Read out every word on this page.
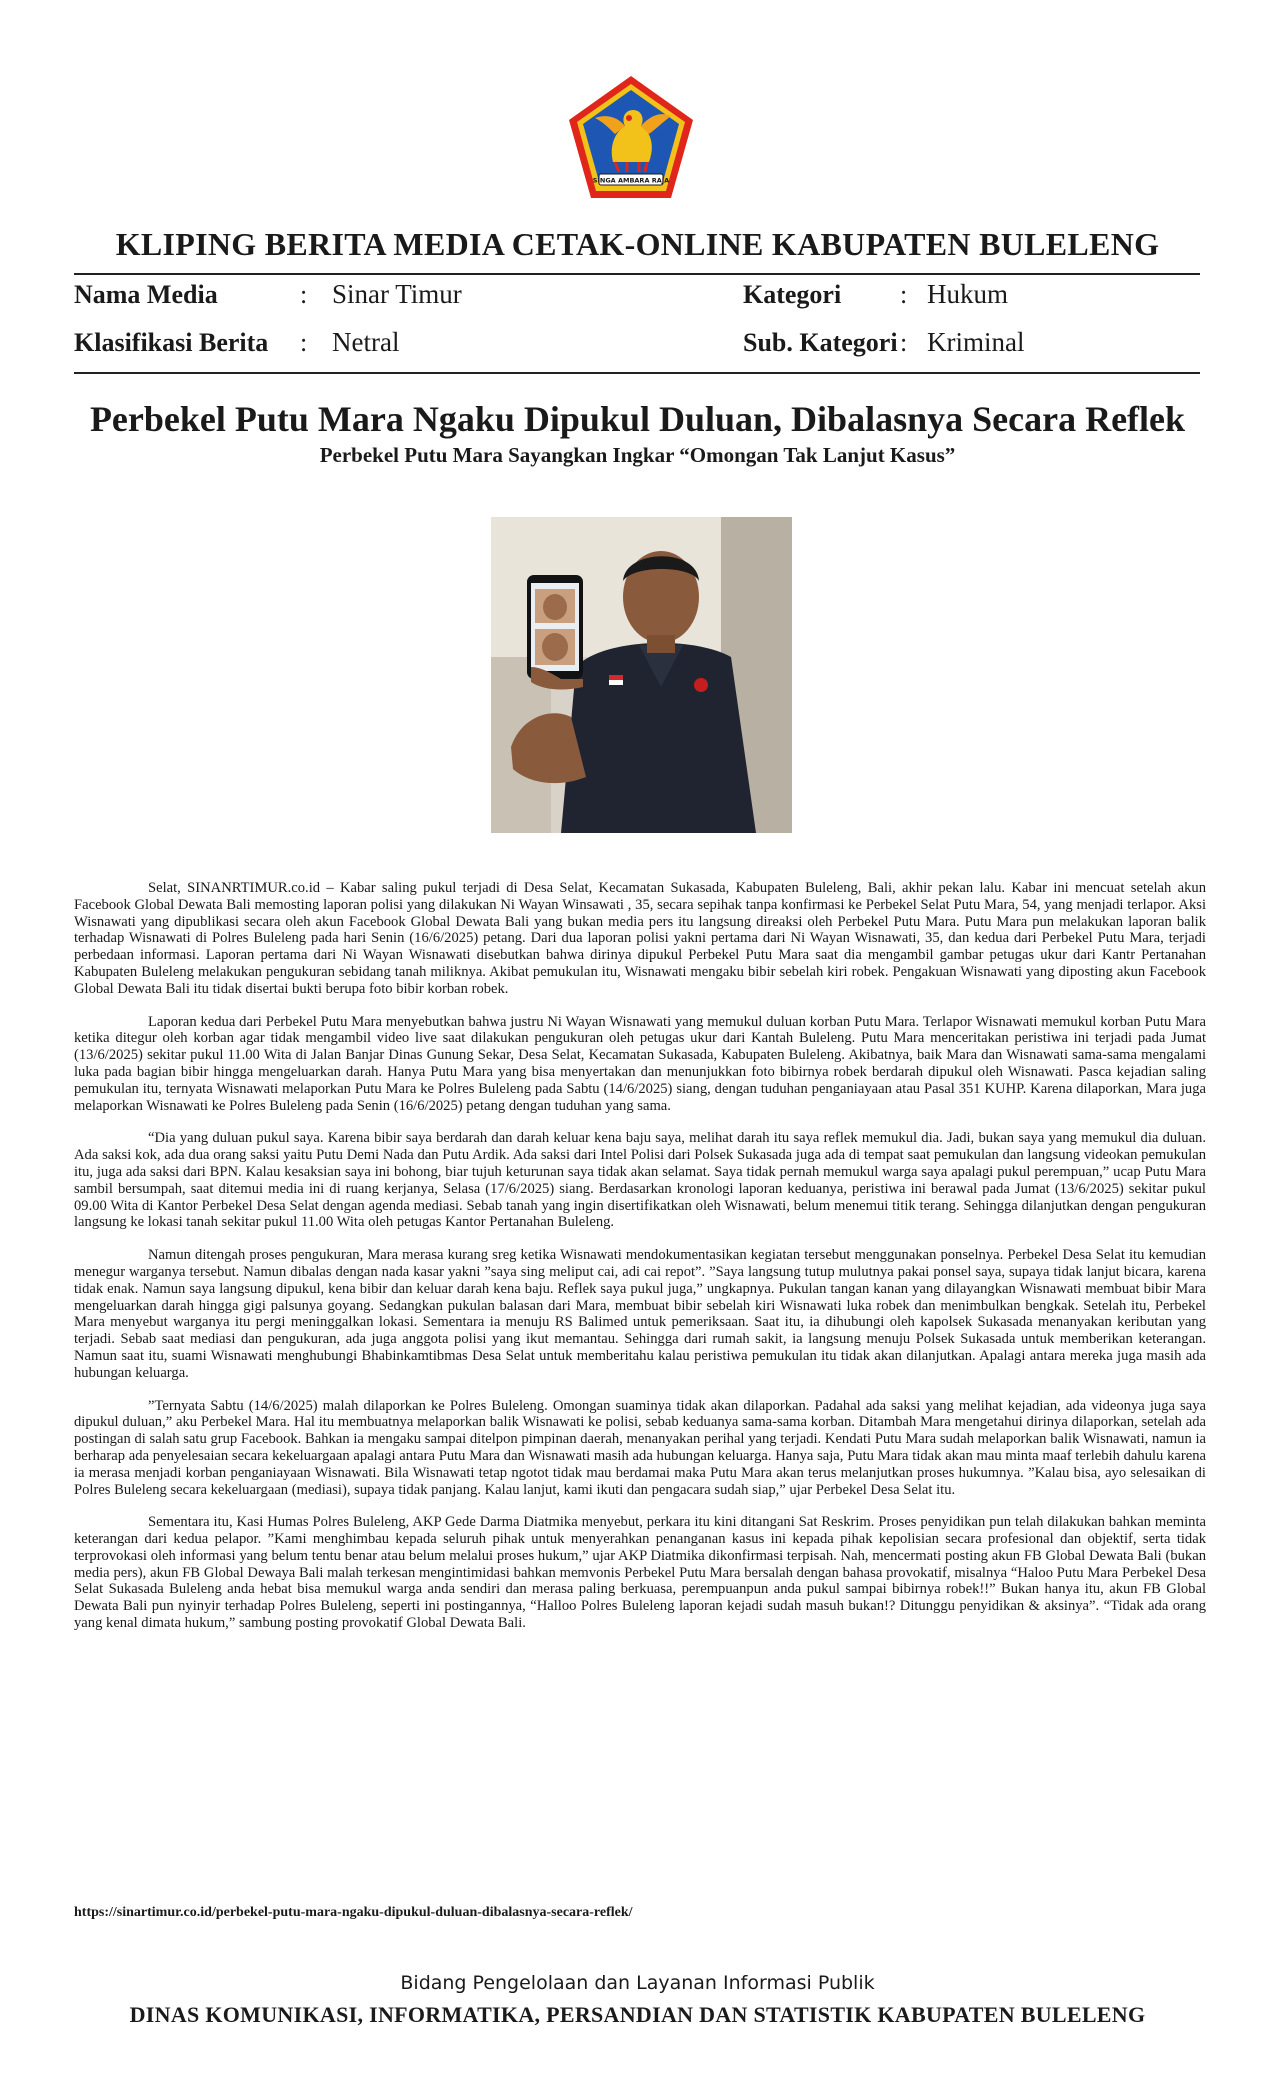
SINGA AMBARA RAJA
KLIPING BERITA MEDIA CETAK-ONLINE KABUPATEN BULELENG
Nama Media	: Sinar Timur	Kategori : Hukum
Klasifikasi Berita : Netral	Sub. Kategori : Kriminal
Perbekel Putu Mara Ngaku Dipukul Duluan, Dibalasnya Secara Reflek
Perbekel Putu Mara Sayangkan Ingkar “Omongan Tak Lanjut Kasus”

Selat, SINANRTIMUR.co.id – Kabar saling pukul terjadi di Desa Selat, Kecamatan Sukasada, Kabupaten Buleleng, Bali, akhir pekan lalu. Kabar ini mencuat setelah akun Facebook Global Dewata Bali memosting laporan polisi yang dilakukan Ni Wayan Winsawati , 35, secara sepihak tanpa konfirmasi ke Perbekel Selat Putu Mara, 54, yang menjadi terlapor. Aksi Wisnawati yang dipublikasi secara oleh akun Facebook Global Dewata Bali yang bukan media pers itu langsung direaksi oleh Perbekel Putu Mara. Putu Mara pun melakukan laporan balik terhadap Wisnawati di Polres Buleleng pada hari Senin (16/6/2025) petang. Dari dua laporan polisi yakni pertama dari Ni Wayan Wisnawati, 35, dan kedua dari Perbekel Putu Mara, terjadi perbedaan informasi. Laporan pertama dari Ni Wayan Wisnawati disebutkan bahwa dirinya dipukul Perbekel Putu Mara saat dia mengambil gambar petugas ukur dari Kantr Pertanahan Kabupaten Buleleng melakukan pengukuran sebidang tanah miliknya. Akibat pemukulan itu, Wisnawati mengaku bibir sebelah kiri robek. Pengakuan Wisnawati yang diposting akun Facebook Global Dewata Bali itu tidak disertai bukti berupa foto bibir korban robek.

Laporan kedua dari Perbekel Putu Mara menyebutkan bahwa justru Ni Wayan Wisnawati yang memukul duluan korban Putu Mara. Terlapor Wisnawati memukul korban Putu Mara ketika ditegur oleh korban agar tidak mengambil video live saat dilakukan pengukuran oleh petugas ukur dari Kantah Buleleng. Putu Mara menceritakan peristiwa ini terjadi pada Jumat (13/6/2025) sekitar pukul 11.00 Wita di Jalan Banjar Dinas Gunung Sekar, Desa Selat, Kecamatan Sukasada, Kabupaten Buleleng. Akibatnya, baik Mara dan Wisnawati sama-sama mengalami luka pada bagian bibir hingga mengeluarkan darah. Hanya Putu Mara yang bisa menyertakan dan menunjukkan foto bibirnya robek berdarah dipukul oleh Wisnawati. Pasca kejadian saling pemukulan itu, ternyata Wisnawati melaporkan Putu Mara ke Polres Buleleng pada Sabtu (14/6/2025) siang, dengan tuduhan penganiayaan atau Pasal 351 KUHP. Karena dilaporkan, Mara juga melaporkan Wisnawati ke Polres Buleleng pada Senin (16/6/2025) petang dengan tuduhan yang sama.

“Dia yang duluan pukul saya. Karena bibir saya berdarah dan darah keluar kena baju saya, melihat darah itu saya reflek memukul dia. Jadi, bukan saya yang memukul dia duluan. Ada saksi kok, ada dua orang saksi yaitu Putu Demi Nada dan Putu Ardik. Ada saksi dari Intel Polisi dari Polsek Sukasada juga ada di tempat saat pemukulan dan langsung videokan pemukulan itu, juga ada saksi dari BPN. Kalau kesaksian saya ini bohong, biar tujuh keturunan saya tidak akan selamat. Saya tidak pernah memukul warga saya apalagi pukul perempuan,” ucap Putu Mara sambil bersumpah, saat ditemui media ini di ruang kerjanya, Selasa (17/6/2025) siang. Berdasarkan kronologi laporan keduanya, peristiwa ini berawal pada Jumat (13/6/2025) sekitar pukul 09.00 Wita di Kantor Perbekel Desa Selat dengan agenda mediasi. Sebab tanah yang ingin disertifikatkan oleh Wisnawati, belum menemui titik terang. Sehingga dilanjutkan dengan pengukuran langsung ke lokasi tanah sekitar pukul 11.00 Wita oleh petugas Kantor Pertanahan Buleleng.

Namun ditengah proses pengukuran, Mara merasa kurang sreg ketika Wisnawati mendokumentasikan kegiatan tersebut menggunakan ponselnya. Perbekel Desa Selat itu kemudian menegur warganya tersebut. Namun dibalas dengan nada kasar yakni ”saya sing meliput cai, adi cai repot”. ”Saya langsung tutup mulutnya pakai ponsel saya, supaya tidak lanjut bicara, karena tidak enak. Namun saya langsung dipukul, kena bibir dan keluar darah kena baju. Reflek saya pukul juga,” ungkapnya. Pukulan tangan kanan yang dilayangkan Wisnawati membuat bibir Mara mengeluarkan darah hingga gigi palsunya goyang. Sedangkan pukulan balasan dari Mara, membuat bibir sebelah kiri Wisnawati luka robek dan menimbulkan bengkak. Setelah itu, Perbekel Mara menyebut warganya itu pergi meninggalkan lokasi. Sementara ia menuju RS Balimed untuk pemeriksaan. Saat itu, ia dihubungi oleh kapolsek Sukasada menanyakan keributan yang terjadi. Sebab saat mediasi dan pengukuran, ada juga anggota polisi yang ikut memantau. Sehingga dari rumah sakit, ia langsung menuju Polsek Sukasada untuk memberikan keterangan. Namun saat itu, suami Wisnawati menghubungi Bhabinkamtibmas Desa Selat untuk memberitahu kalau peristiwa pemukulan itu tidak akan dilanjutkan. Apalagi antara mereka juga masih ada hubungan keluarga.

”Ternyata Sabtu (14/6/2025) malah dilaporkan ke Polres Buleleng. Omongan suaminya tidak akan dilaporkan. Padahal ada saksi yang melihat kejadian, ada videonya juga saya dipukul duluan,” aku Perbekel Mara. Hal itu membuatnya melaporkan balik Wisnawati ke polisi, sebab keduanya sama-sama korban. Ditambah Mara mengetahui dirinya dilaporkan, setelah ada postingan di salah satu grup Facebook. Bahkan ia mengaku sampai ditelpon pimpinan daerah, menanyakan perihal yang terjadi. Kendati Putu Mara sudah melaporkan balik Wisnawati, namun ia berharap ada penyelesaian secara kekeluargaan apalagi antara Putu Mara dan Wisnawati masih ada hubungan keluarga. Hanya saja, Putu Mara tidak akan mau minta maaf terlebih dahulu karena ia merasa menjadi korban penganiayaan Wisnawati. Bila Wisnawati tetap ngotot tidak mau berdamai maka Putu Mara akan terus melanjutkan proses hukumnya. ”Kalau bisa, ayo selesaikan di Polres Buleleng secara kekeluargaan (mediasi), supaya tidak panjang. Kalau lanjut, kami ikuti dan pengacara sudah siap,” ujar Perbekel Desa Selat itu.

Sementara itu, Kasi Humas Polres Buleleng, AKP Gede Darma Diatmika menyebut, perkara itu kini ditangani Sat Reskrim. Proses penyidikan pun telah dilakukan bahkan meminta keterangan dari kedua pelapor. ”Kami menghimbau kepada seluruh pihak untuk menyerahkan penanganan kasus ini kepada pihak kepolisian secara profesional dan objektif, serta tidak terprovokasi oleh informasi yang belum tentu benar atau belum melalui proses hukum,” ujar AKP Diatmika dikonfirmasi terpisah. Nah, mencermati posting akun FB Global Dewata Bali (bukan media pers), akun FB Global Dewaya Bali malah terkesan mengintimidasi bahkan memvonis Perbekel Putu Mara bersalah dengan bahasa provokatif, misalnya “Haloo Putu Mara Perbekel Desa Selat Sukasada Buleleng anda hebat bisa memukul warga anda sendiri dan merasa paling berkuasa, perempuanpun anda pukul sampai bibirnya robek!!” Bukan hanya itu, akun FB Global Dewata Bali pun nyinyir terhadap Polres Buleleng, seperti ini postingannya, “Halloo Polres Buleleng laporan kejadi sudah masuh bukan!? Ditunggu penyidikan & aksinya”. “Tidak ada orang yang kenal dimata hukum,” sambung posting provokatif Global Dewata Bali.

https://sinartimur.co.id/perbekel-putu-mara-ngaku-dipukul-duluan-dibalasnya-secara-reflek/
Bidang Pengelolaan dan Layanan Informasi Publik
DINAS KOMUNIKASI, INFORMATIKA, PERSANDIAN DAN STATISTIK KABUPATEN BULELENG
